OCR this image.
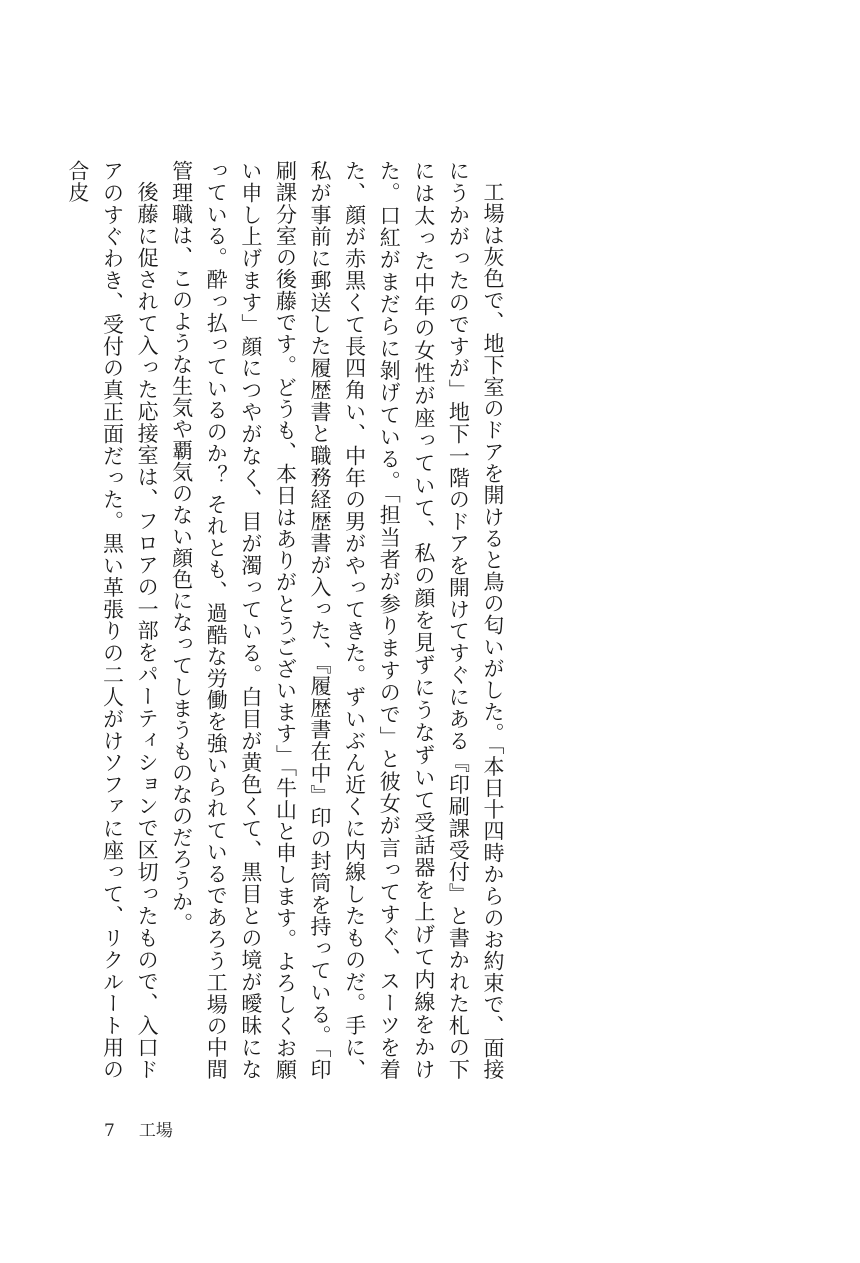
工場は灰色で、地下室のドアを開けると鳥の匂いがした。「本日十四時からのお約束で、面接にうかがったのですが」地下一階のドアを開けてすぐにある『印刷課受付』と書かれた札の下には太った中年の女性が座っていて、私の顔を見ずにうなずいて受話器を上げて内線をかけた。口紅がまだらに剝げている。「担当者が参りますので」と彼女が言ってすぐ、スーツを着た、顔が赤黒くて長四角い、中年の男がやってきた。ずいぶん近くに内線したものだ。手に、私が事前に郵送した履歴書と職務経歴書が入った、『履歴書在中』印の封筒を持っている。「印刷課分室の後藤です。どうも、本日はありがとうございます」「牛山と申します。よろしくお願い申し上げます」顔につやがなく、目が濁っている。白目が黄色くて、黒目との境が曖昧になっている。酔っ払っているのか？ それとも、過酷な労働を強いられているであろう工場の中間管理職は、このような生気や覇気のない顔色になってしまうものなのだろうか。

後藤に促されて入った応接室は、フロアの一部をパーティションで区切ったもので、入口ドアのすぐわき、受付の真正面だった。黒い革張りの二人がけソファに座って、リクルート用の合皮

7 工場
